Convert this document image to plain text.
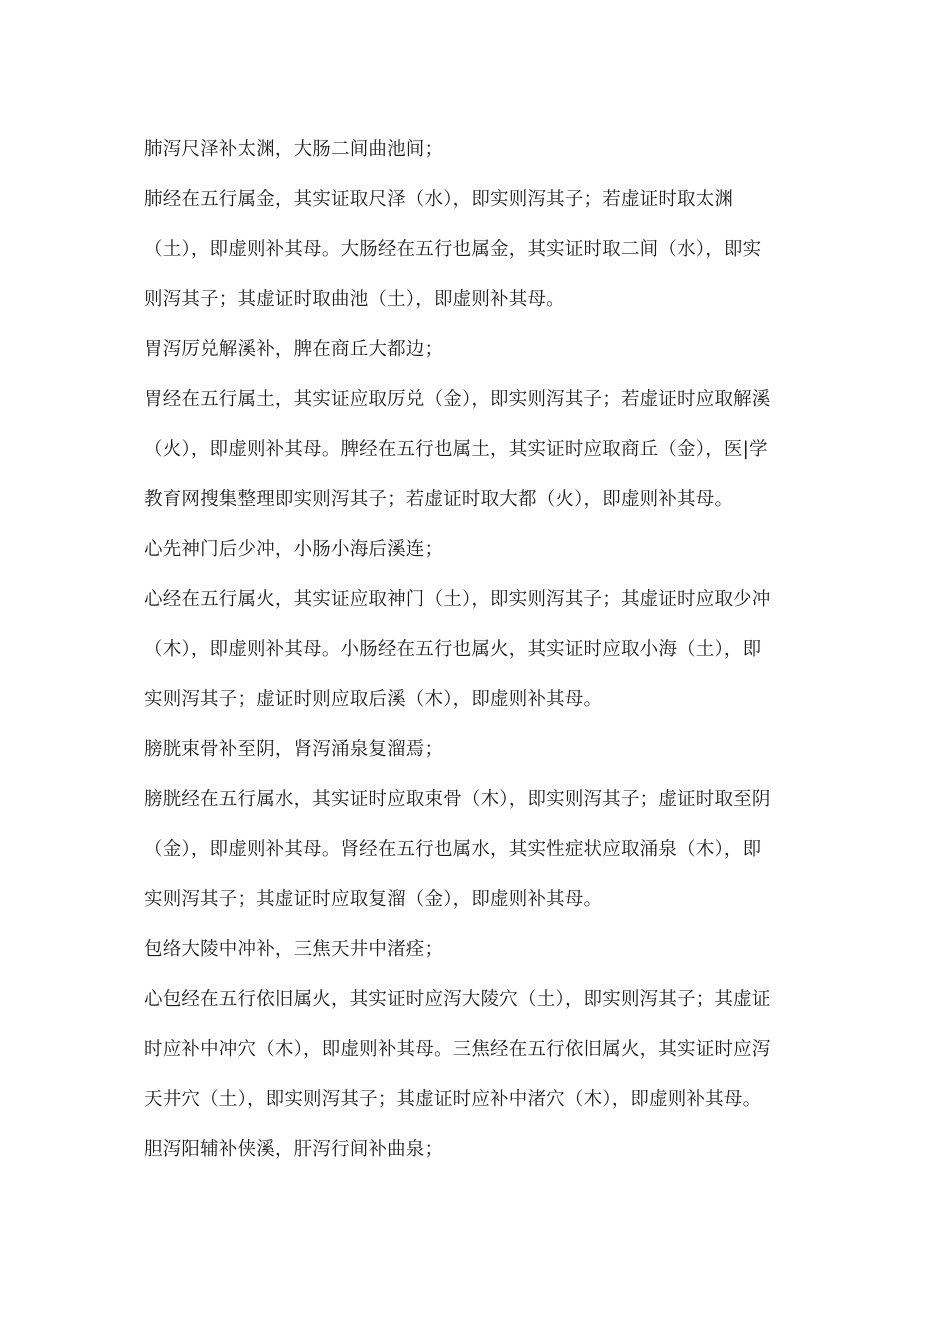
肺泻尺泽补太渊，大肠二间曲池间；
肺经在五行属金，其实证取尺泽（水），即实则泻其子；若虚证时取太渊
（土），即虚则补其母。大肠经在五行也属金，其实证时取二间（水），即实
则泻其子；其虚证时取曲池（土），即虚则补其母。
胃泻厉兑解溪补，脾在商丘大都边；
胃经在五行属土，其实证应取厉兑（金），即实则泻其子；若虚证时应取解溪
（火），即虚则补其母。脾经在五行也属土，其实证时应取商丘（金），医|学
教育网搜集整理即实则泻其子；若虚证时取大都（火），即虚则补其母。
心先神门后少冲，小肠小海后溪连；
心经在五行属火，其实证应取神门（土），即实则泻其子；其虚证时应取少冲
（木），即虚则补其母。小肠经在五行也属火，其实证时应取小海（土），即
实则泻其子；虚证时则应取后溪（木），即虚则补其母。
膀胱束骨补至阴，肾泻涌泉复溜焉；
膀胱经在五行属水，其实证时应取束骨（木），即实则泻其子；虚证时取至阴
（金），即虚则补其母。肾经在五行也属水，其实性症状应取涌泉（木），即
实则泻其子；其虚证时应取复溜（金），即虚则补其母。
包络大陵中冲补，三焦天井中渚痊；
心包经在五行依旧属火，其实证时应泻大陵穴（土），即实则泻其子；其虚证
时应补中冲穴（木），即虚则补其母。三焦经在五行依旧属火，其实证时应泻
天井穴（土），即实则泻其子；其虚证时应补中渚穴（木），即虚则补其母。
胆泻阳辅补侠溪，肝泻行间补曲泉；
